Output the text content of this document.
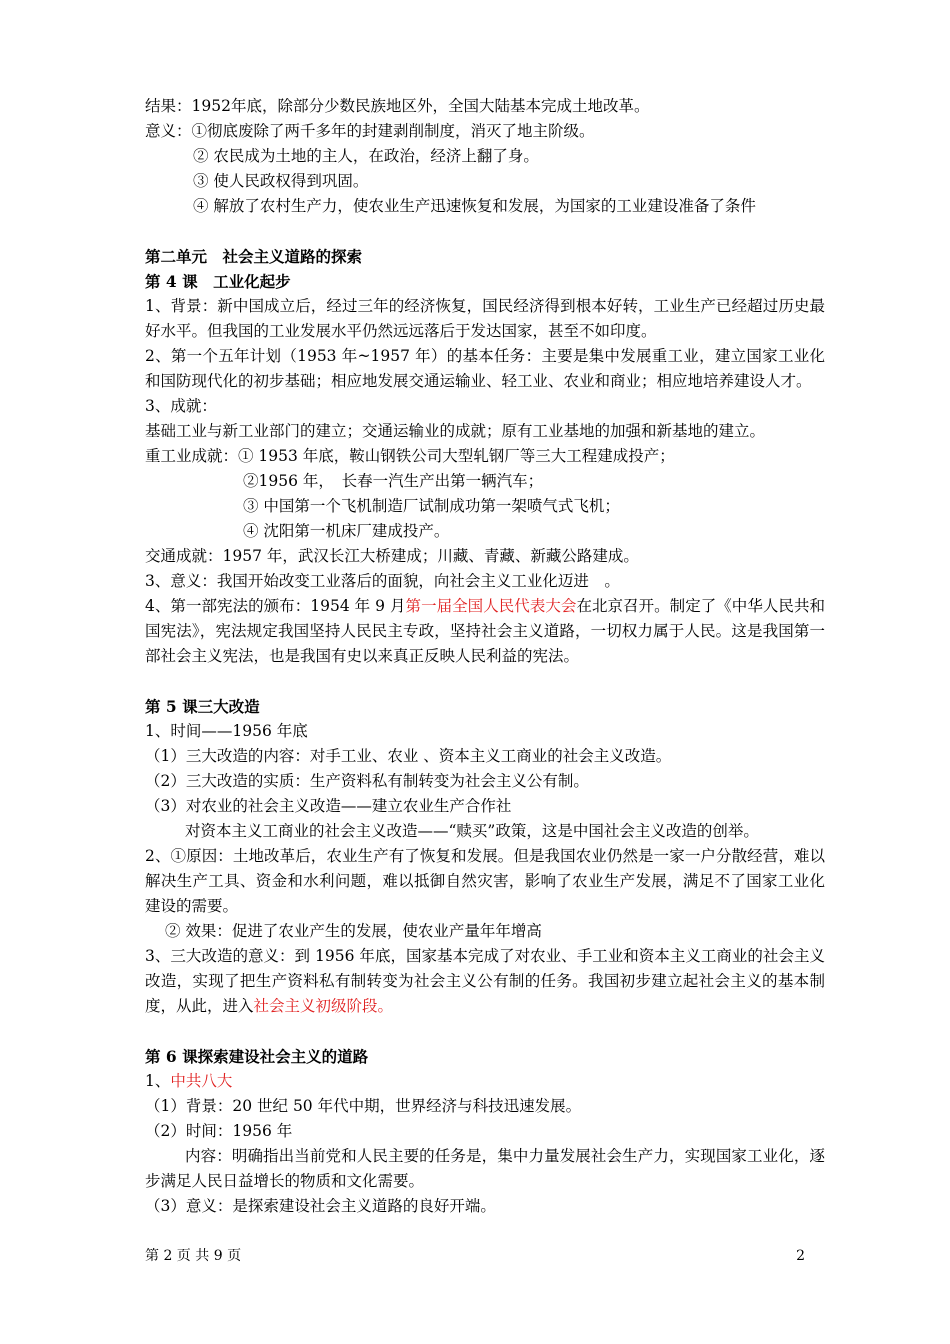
结果：1952年底，除部分少数民族地区外，全国大陆基本完成土地改革。
意义：①彻底废除了两千多年的封建剥削制度，消灭了地主阶级。
② 农民成为土地的主人，在政治，经济上翻了身。
③ 使人民政权得到巩固。
④ 解放了农村生产力，使农业生产迅速恢复和发展，为国家的工业建设准备了条件
第二单元　社会主义道路的探索
第 4 课　工业化起步
1、背景：新中国成立后，经过三年的经济恢复，国民经济得到根本好转，工业生产已经超过历史最好水平。但我国的工业发展水平仍然远远落后于发达国家，甚至不如印度。
2、第一个五年计划（1953 年~1957 年）的基本任务：主要是集中发展重工业，建立国家工业化和国防现代化的初步基础；相应地发展交通运输业、轻工业、农业和商业；相应地培养建设人才。
3、成就：
基础工业与新工业部门的建立；交通运输业的成就；原有工业基地的加强和新基地的建立。
重工业成就：① 1953 年底，鞍山钢铁公司大型轧钢厂等三大工程建成投产；
②1956 年，　长春一汽生产出第一辆汽车；
③ 中国第一个飞机制造厂试制成功第一架喷气式飞机；
④ 沈阳第一机床厂建成投产。
交通成就：1957 年，武汉长江大桥建成；川藏、青藏、新藏公路建成。
3、意义：我国开始改变工业落后的面貌，向社会主义工业化迈进　。
4、第一部宪法的颁布：1954 年 9 月第一届全国人民代表大会在北京召开。制定了《中华人民共和国宪法》，宪法规定我国坚持人民民主专政，坚持社会主义道路，一切权力属于人民。这是我国第一部社会主义宪法，也是我国有史以来真正反映人民利益的宪法。
第 5 课三大改造
1、时间——1956 年底
（1）三大改造的内容：对手工业、农业 、资本主义工商业的社会主义改造。
（2）三大改造的实质：生产资料私有制转变为社会主义公有制。
（3）对农业的社会主义改造——建立农业生产合作社
对资本主义工商业的社会主义改造——“赎买”政策，这是中国社会主义改造的创举。
2、①原因：土地改革后，农业生产有了恢复和发展。但是我国农业仍然是一家一户分散经营，难以解决生产工具、资金和水利问题，难以抵御自然灾害，影响了农业生产发展，满足不了国家工业化建设的需要。
② 效果：促进了农业产生的发展，使农业产量年年增高
3、三大改造的意义：到 1956 年底，国家基本完成了对农业、手工业和资本主义工商业的社会主义改造，实现了把生产资料私有制转变为社会主义公有制的任务。我国初步建立起社会主义的基本制度，从此，进入社会主义初级阶段。
第 6 课探索建设社会主义的道路
1、中共八大
（1）背景：20 世纪 50 年代中期，世界经济与科技迅速发展。
（2）时间：1956 年
内容：明确指出当前党和人民主要的任务是，集中力量发展社会生产力，实现国家工业化，逐步满足人民日益增长的物质和文化需要。
（3）意义：是探索建设社会主义道路的良好开端。
第 2 页 共 9 页	2
